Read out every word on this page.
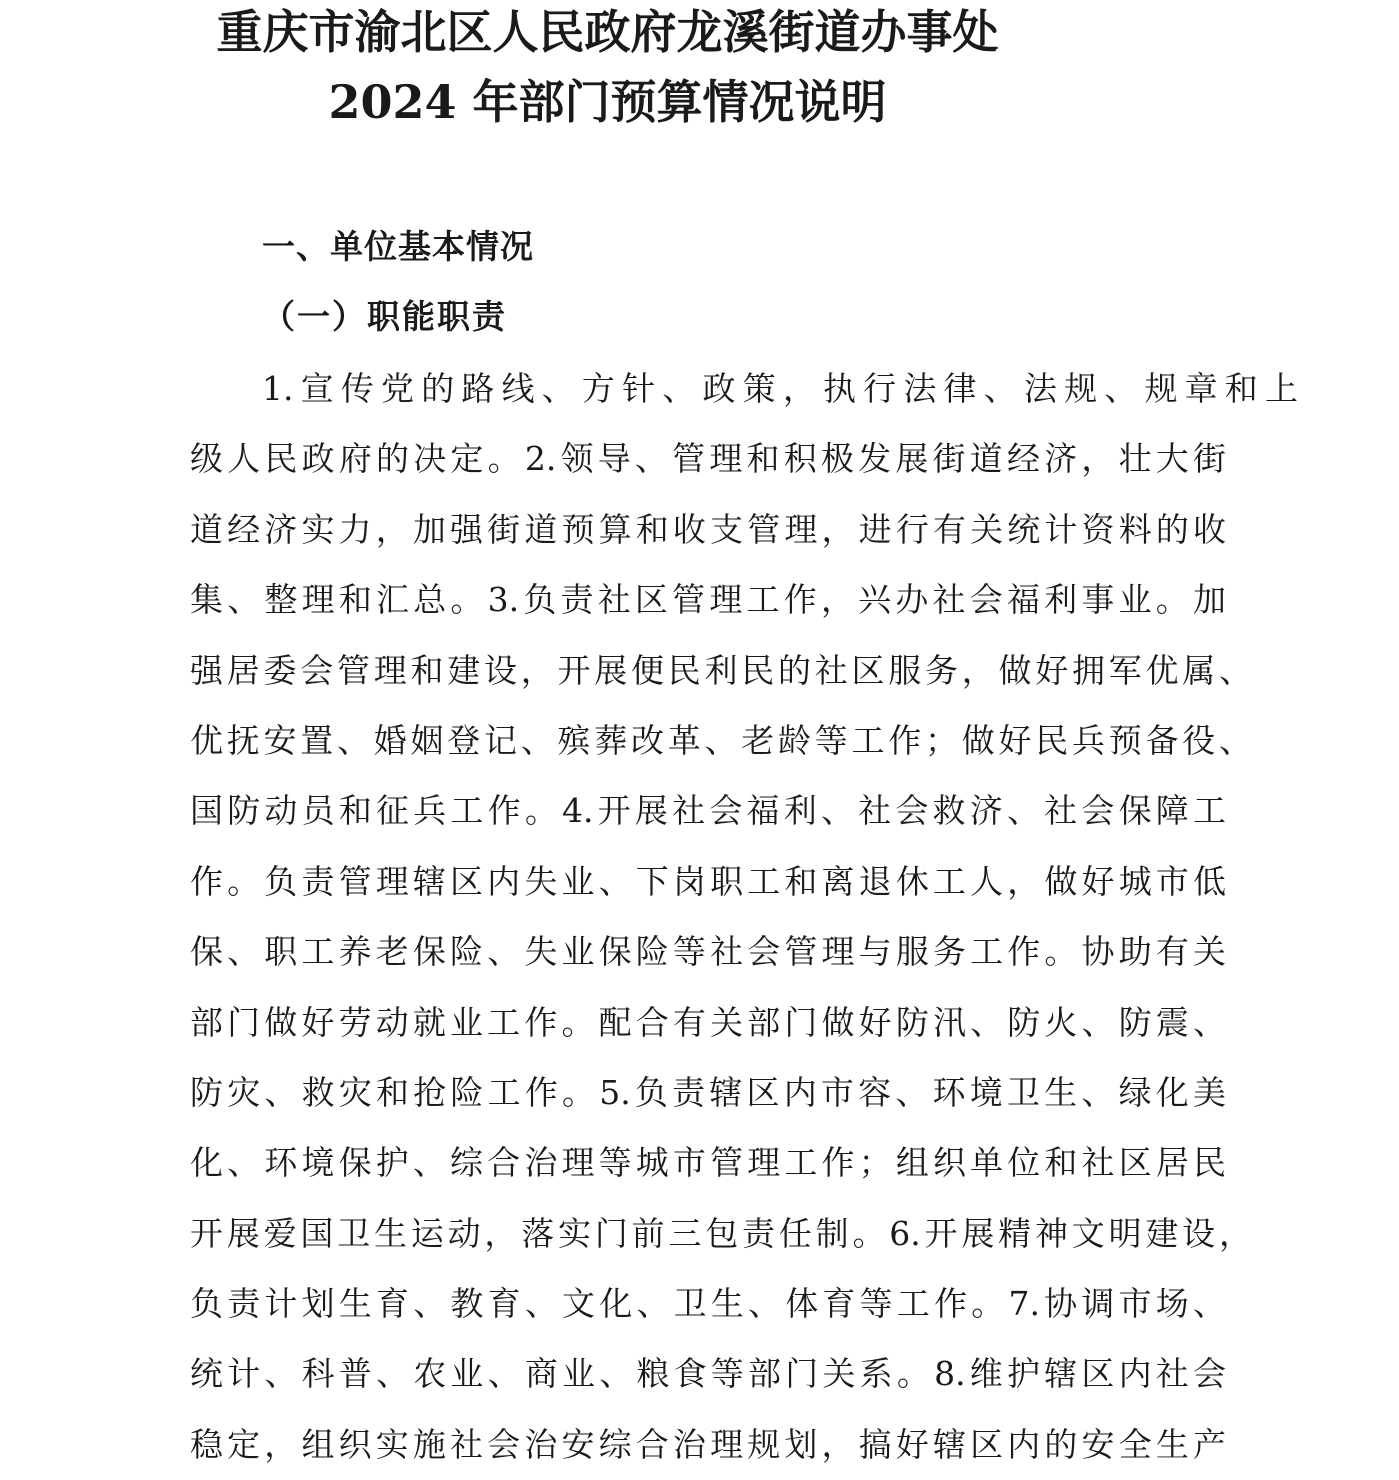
重庆市渝北区人民政府龙溪街道办事处
2024 年部门预算情况说明
一、单位基本情况
（一）职能职责
1.宣传党的路线、方针、政策，执行法律、法规、规章和上
级人民政府的决定。2.领导、管理和积极发展街道经济，壮大街
道经济实力，加强街道预算和收支管理，进行有关统计资料的收
集、整理和汇总。3.负责社区管理工作，兴办社会福利事业。加
强居委会管理和建设，开展便民利民的社区服务，做好拥军优属、
优抚安置、婚姻登记、殡葬改革、老龄等工作；做好民兵预备役、
国防动员和征兵工作。4.开展社会福利、社会救济、社会保障工
作。负责管理辖区内失业、下岗职工和离退休工人，做好城市低
保、职工养老保险、失业保险等社会管理与服务工作。协助有关
部门做好劳动就业工作。配合有关部门做好防汛、防火、防震、
防灾、救灾和抢险工作。5.负责辖区内市容、环境卫生、绿化美
化、环境保护、综合治理等城市管理工作；组织单位和社区居民
开展爱国卫生运动，落实门前三包责任制。6.开展精神文明建设，
负责计划生育、教育、文化、卫生、体育等工作。7.协调市场、
统计、科普、农业、商业、粮食等部门关系。8.维护辖区内社会
稳定，组织实施社会治安综合治理规划，搞好辖区内的安全生产
